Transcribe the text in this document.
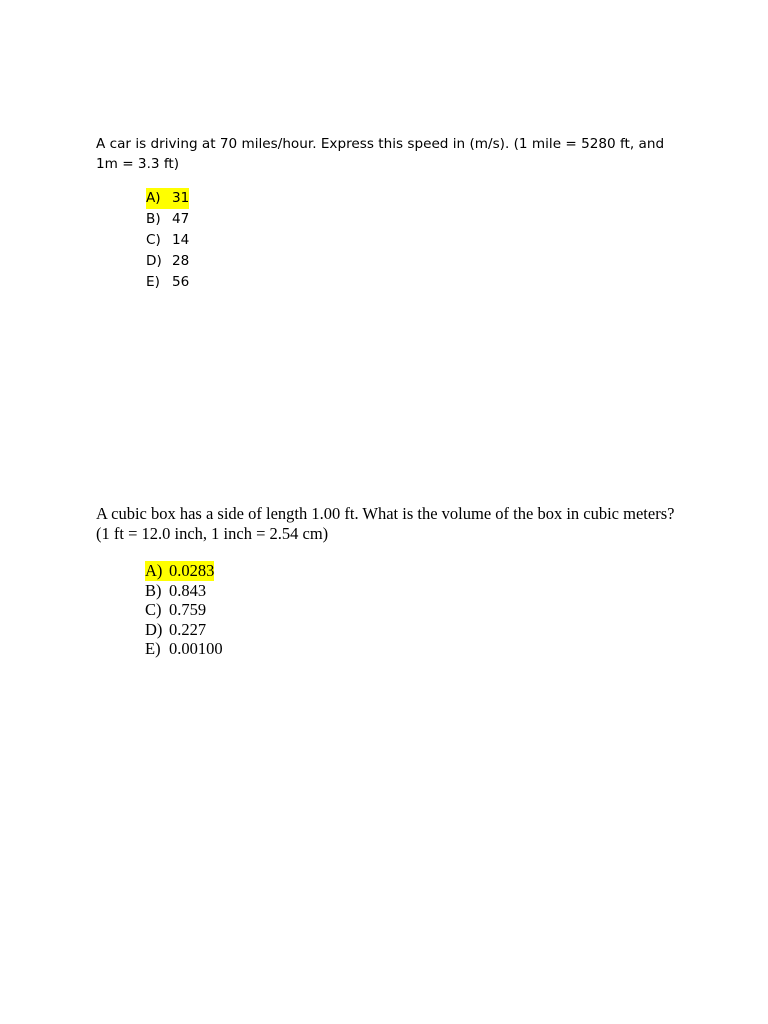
A car is driving at 70 miles/hour. Express this speed in (m/s). (1 mile = 5280 ft, and 1m = 3.3 ft)

A) 31
B) 47
C) 14
D) 28
E) 56

A cubic box has a side of length 1.00 ft. What is the volume of the box in cubic meters? (1 ft = 12.0 inch, 1 inch = 2.54 cm)

A) 0.0283
B) 0.843
C) 0.759
D) 0.227
E) 0.00100
